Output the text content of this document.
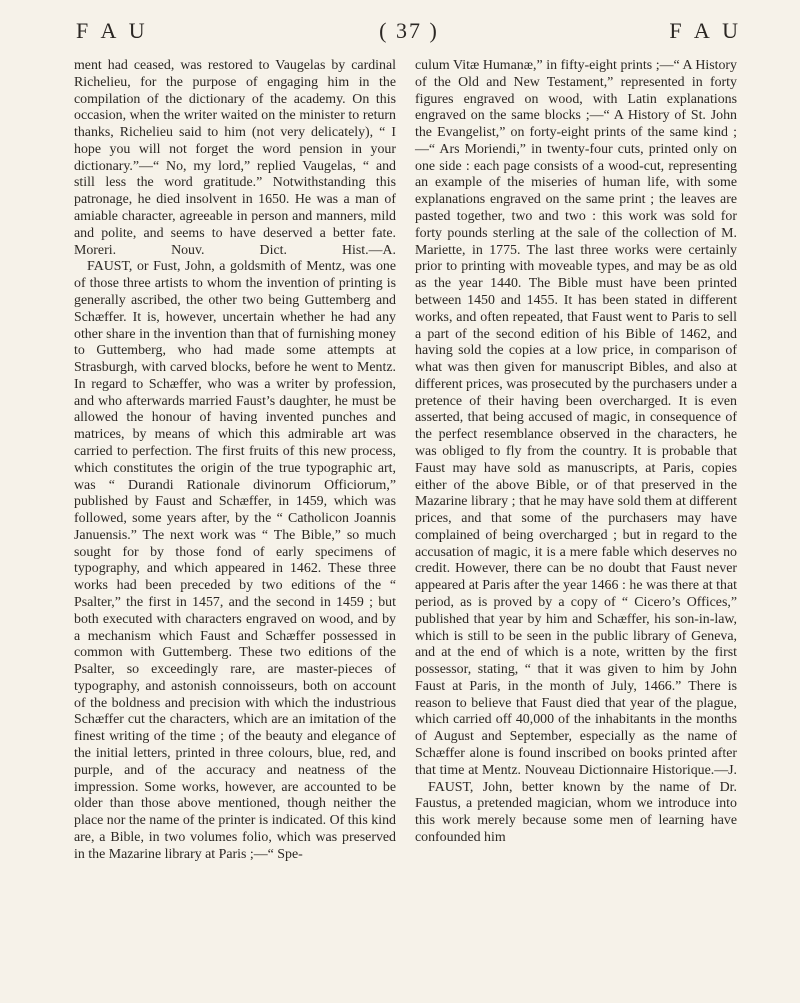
F A U	( 37 )	F A U

ment had ceased, was restored to Vaugelas by cardinal Richelieu, for the purpose of engaging him in the compilation of the dictionary of the academy. On this occasion, when the writer waited on the minister to return thanks, Richelieu said to him (not very delicately), “ I hope you will not forget the word pension in your dictionary.”—“ No, my lord,” replied Vaugelas, “ and still less the word gratitude.” Notwithstanding this patronage, he died insolvent in 1650. He was a man of amiable character, agreeable in person and manners, mild and polite, and seems to have deserved a better fate. Moreri. Nouv. Dict. Hist.—A.

FAUST, or Fust, John, a goldsmith of Mentz, was one of those three artists to whom the invention of printing is generally ascribed, the other two being Guttemberg and Schæffer. It is, however, uncertain whether he had any other share in the invention than that of furnishing money to Guttemberg, who had made some attempts at Strasburgh, with carved blocks, before he went to Mentz. In regard to Schæffer, who was a writer by profession, and who afterwards married Faust’s daughter, he must be allowed the honour of having invented punches and matrices, by means of which this admirable art was carried to perfection. The first fruits of this new process, which constitutes the origin of the true typographic art, was “ Durandi Rationale divinorum Officiorum,” published by Faust and Schæffer, in 1459, which was followed, some years after, by the “ Catholicon Joannis Januensis.” The next work was “ The Bible,” so much sought for by those fond of early specimens of typography, and which appeared in 1462. These three works had been preceded by two editions of the “ Psalter,” the first in 1457, and the second in 1459 ; but both executed with characters engraved on wood, and by a mechanism which Faust and Schæffer possessed in common with Guttemberg. These two editions of the Psalter, so exceedingly rare, are master-pieces of typography, and astonish connoisseurs, both on account of the boldness and precision with which the industrious Schæffer cut the characters, which are an imitation of the finest writing of the time ; of the beauty and elegance of the initial letters, printed in three colours, blue, red, and purple, and of the accuracy and neatness of the impression. Some works, however, are accounted to be older than those above mentioned, though neither the place nor the name of the printer is indicated. Of this kind are, a Bible, in two volumes folio, which was preserved in the Mazarine library at Paris ;—“ Spe-

culum Vitæ Humanæ,” in fifty-eight prints ;—“ A History of the Old and New Testament,” represented in forty figures engraved on wood, with Latin explanations engraved on the same blocks ;—“ A History of St. John the Evangelist,” on forty-eight prints of the same kind ;—“ Ars Moriendi,” in twenty-four cuts, printed only on one side : each page consists of a wood-cut, representing an example of the miseries of human life, with some explanations engraved on the same print ; the leaves are pasted together, two and two : this work was sold for forty pounds sterling at the sale of the collection of M. Mariette, in 1775. The last three works were certainly prior to printing with moveable types, and may be as old as the year 1440. The Bible must have been printed between 1450 and 1455. It has been stated in different works, and often repeated, that Faust went to Paris to sell a part of the second edition of his Bible of 1462, and having sold the copies at a low price, in comparison of what was then given for manuscript Bibles, and also at different prices, was prosecuted by the purchasers under a pretence of their having been overcharged. It is even asserted, that being accused of magic, in consequence of the perfect resemblance observed in the characters, he was obliged to fly from the country. It is probable that Faust may have sold as manuscripts, at Paris, copies either of the above Bible, or of that preserved in the Mazarine library ; that he may have sold them at different prices, and that some of the purchasers may have complained of being overcharged ; but in regard to the accusation of magic, it is a mere fable which deserves no credit. However, there can be no doubt that Faust never appeared at Paris after the year 1466 : he was there at that period, as is proved by a copy of “ Cicero’s Offices,” published that year by him and Schæffer, his son-in-law, which is still to be seen in the public library of Geneva, and at the end of which is a note, written by the first possessor, stating, “ that it was given to him by John Faust at Paris, in the month of July, 1466.” There is reason to believe that Faust died that year of the plague, which carried off 40,000 of the inhabitants in the months of August and September, especially as the name of Schæffer alone is found inscribed on books printed after that time at Mentz. Nouveau Dictionnaire Historique.—J.

FAUST, John, better known by the name of Dr. Faustus, a pretended magician, whom we introduce into this work merely because some men of learning have confounded him
